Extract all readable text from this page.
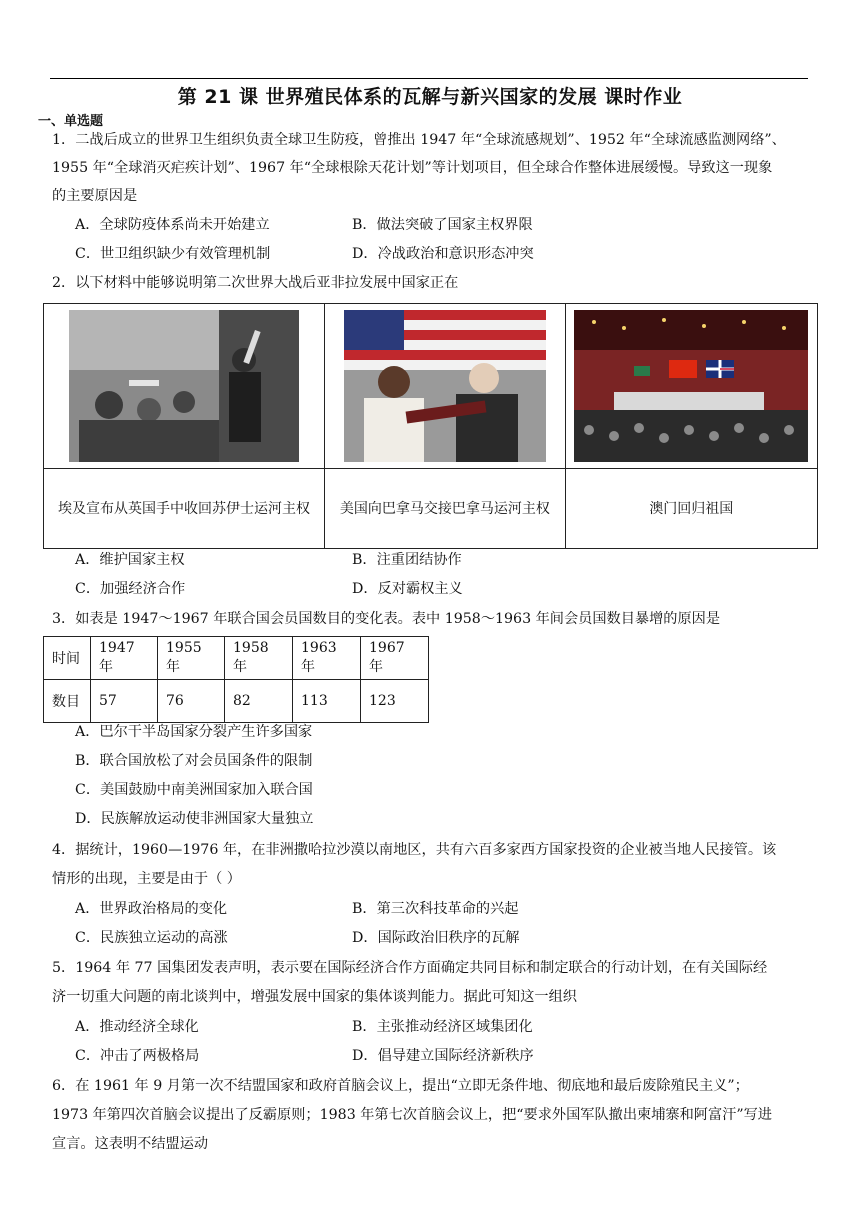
第 21 课 世界殖民体系的瓦解与新兴国家的发展 课时作业
一、单选题
1．二战后成立的世界卫生组织负责全球卫生防疫，曾推出 1947 年“全球流感规划”、1952 年“全球流感监测网络”、
1955 年“全球消灭疟疾计划”、1967 年“全球根除天花计划”等计划项目，但全球合作整体进展缓慢。导致这一现象
的主要原因是
A．全球防疫体系尚未开始建立	B．做法突破了国家主权界限
C．世卫组织缺少有效管理机制	D．冷战政治和意识形态冲突
2．以下材料中能够说明第二次世界大战后亚非拉发展中国家正在

埃及宣布从英国手中收回苏伊士运河主权	美国向巴拿马交接巴拿马运河主权	澳门回归祖国
A．维护国家主权	B．注重团结协作
C．加强经济合作	D．反对霸权主义
3．如表是 1947～1967 年联合国会员国数目的变化表。表中 1958～1963 年间会员国数目暴增的原因是
时间	1947 年	1955 年	1958 年	1963 年	1967 年
数目	57	76	82	113	123
A．巴尔干半岛国家分裂产生许多国家
B．联合国放松了对会员国条件的限制
C．美国鼓励中南美洲国家加入联合国
D．民族解放运动使非洲国家大量独立
4．据统计，1960—1976 年，在非洲撒哈拉沙漠以南地区，共有六百多家西方国家投资的企业被当地人民接管。该
情形的出现，主要是由于（ ）
A．世界政治格局的变化	B．第三次科技革命的兴起
C．民族独立运动的高涨	D．国际政治旧秩序的瓦解
5．1964 年 77 国集团发表声明，表示要在国际经济合作方面确定共同目标和制定联合的行动计划，在有关国际经
济一切重大问题的南北谈判中，增强发展中国家的集体谈判能力。据此可知这一组织
A．推动经济全球化	B．主张推动经济区域集团化
C．冲击了两极格局	D．倡导建立国际经济新秩序
6．在 1961 年 9 月第一次不结盟国家和政府首脑会议上，提出“立即无条件地、彻底地和最后废除殖民主义”；
1973 年第四次首脑会议提出了反霸原则；1983 年第七次首脑会议上，把“要求外国军队撤出柬埔寨和阿富汗”写进
宣言。这表明不结盟运动
